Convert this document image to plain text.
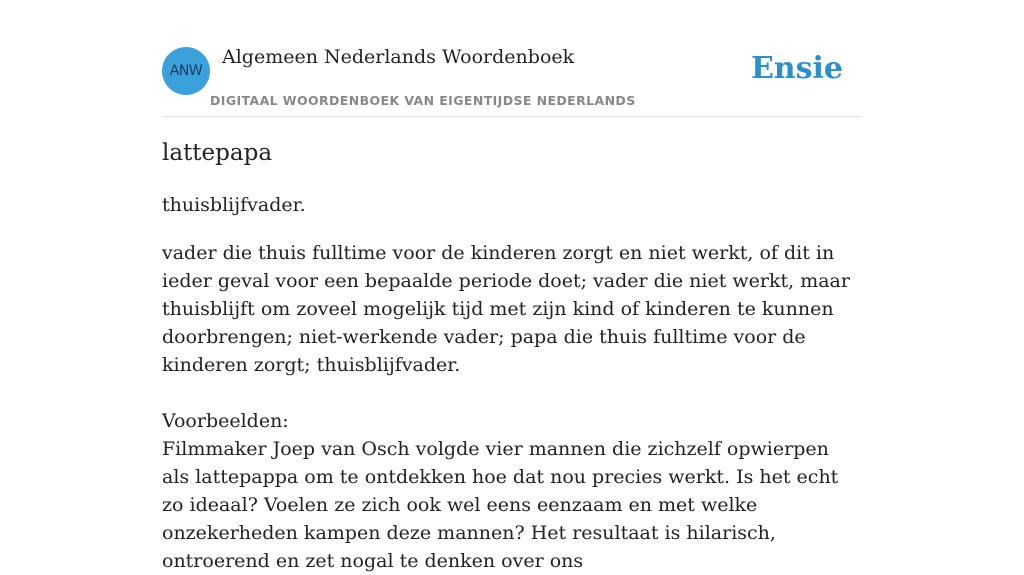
ANW
Algemeen Nederlands Woordenboek
DIGITAAL WOORDENBOEK VAN EIGENTIJDSE NEDERLANDS
Ensie
lattepapa
thuisblijfvader.

vader die thuis fulltime voor de kinderen zorgt en niet werkt, of dit in ieder geval voor een bepaalde periode doet; vader die niet werkt, maar thuisblijft om zoveel mogelijk tijd met zijn kind of kinderen te kunnen doorbrengen; niet-werkende vader; papa die thuis fulltime voor de kinderen zorgt; thuisblijfvader.

Voorbeelden:

Filmmaker Joep van Osch volgde vier mannen die zichzelf opwierpen als lattepappa om te ontdekken hoe dat nou precies werkt. Is het echt zo ideaal? Voelen ze zich ook wel eens eenzaam en met welke onzekerheden kampen deze mannen? Het resultaat is hilarisch, ontroerend en zet nogal te denken over ons
